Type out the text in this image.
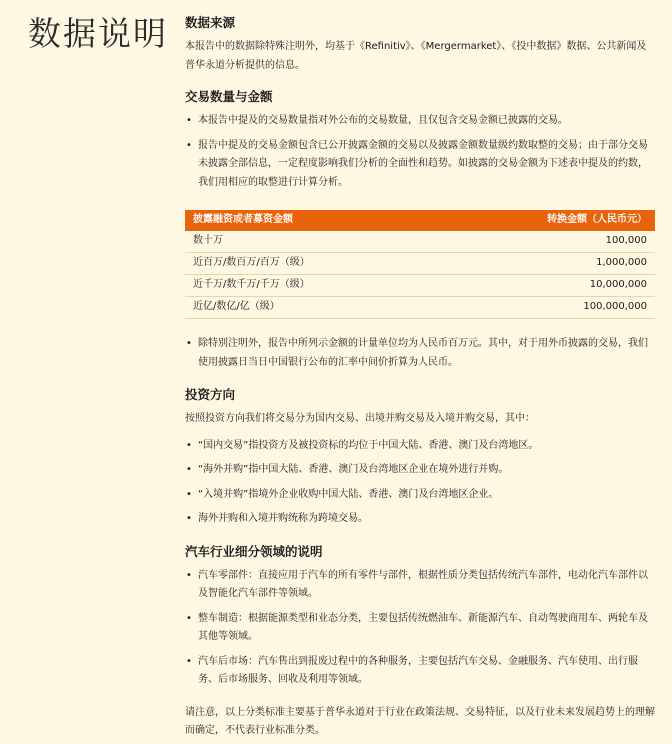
数据说明 数据来源

本报告中的数据除特殊注明外，均基于《Refinitiv》、《Mergermarket》、《投中数据》数据、公共新闻及普华永道分析提供的信息。

交易数量与金额
• 本报告中提及的交易数量指对外公布的交易数量，且仅包含交易金额已披露的交易。
• 报告中提及的交易金额包含已公开披露金额的交易以及披露金额数量级约数取整的交易；由于部分交易未披露全部信息，一定程度影响我们分析的全面性和趋势。如披露的交易金额为下述表中提及的约数，我们用相应的取整进行计算分析。
披露融资或者募资金额	转换金额（人民币元）
数十万	100,000
近百万/数百万/百万（级）	1,000,000
近千万/数千万/千万（级）	10,000,000
近亿/数亿/亿（级）	100,000,000
• 除特别注明外，报告中所列示金额的计量单位均为人民币百万元。其中，对于用外币披露的交易，我们使用披露日当日中国银行公布的汇率中间价折算为人民币。
投资方向

按照投资方向我们将交易分为国内交易、出境并购交易及入境并购交易，其中：

• “国内交易”指投资方及被投资标的均位于中国大陆、香港、澳门及台湾地区。
• “海外并购”指中国大陆、香港、澳门及台湾地区企业在境外进行并购。
• “入境并购”指境外企业收购中国大陆、香港、澳门及台湾地区企业。
• 海外并购和入境并购统称为跨境交易。
汽车行业细分领域的说明
• 汽车零部件：直接应用于汽车的所有零件与部件，根据性质分类包括传统汽车部件，电动化汽车部件以及智能化汽车部件等领域。
• 整车制造：根据能源类型和业态分类，主要包括传统燃油车、新能源汽车、自动驾驶商用车、两轮车及其他等领域。
• 汽车后市场：汽车售出到报废过程中的各种服务，主要包括汽车交易、金融服务、汽车使用、出行服务、后市场服务、回收及利用等领域。

请注意，以上分类标准主要基于普华永道对于行业在政策法规、交易特征，以及行业未来发展趋势上的理解而确定，不代表行业标准分类。
